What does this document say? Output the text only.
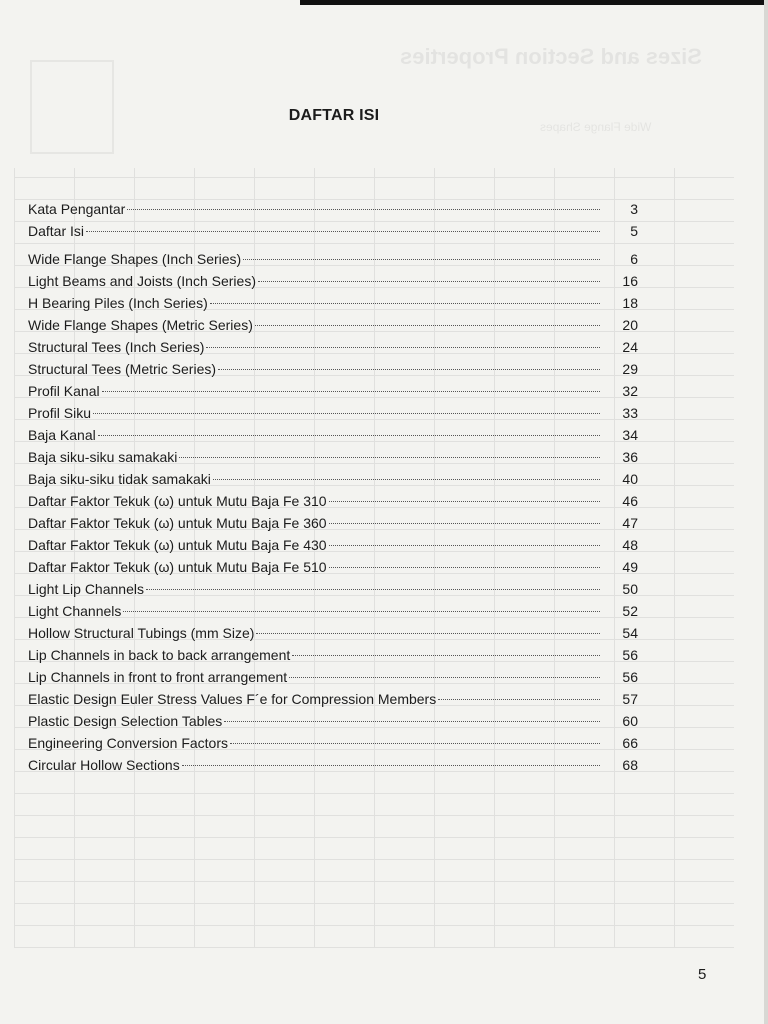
Sizes and Section Properties
Wide Flange Shapes
DAFTAR ISI
Kata Pengantar	3
Daftar Isi	5
Wide Flange Shapes (Inch Series)	6
Light Beams and Joists (Inch Series)	16
H Bearing Piles (Inch Series)	18
Wide Flange Shapes (Metric Series)	20
Structural Tees (Inch Series)	24
Structural Tees (Metric Series)	29
Profil Kanal	32
Profil Siku	33
Baja Kanal	34
Baja siku-siku samakaki	36
Baja siku-siku tidak samakaki	40
Daftar Faktor Tekuk (ω) untuk Mutu Baja Fe 310	46
Daftar Faktor Tekuk (ω) untuk Mutu Baja Fe 360	47
Daftar Faktor Tekuk (ω) untuk Mutu Baja Fe 430	48
Daftar Faktor Tekuk (ω) untuk Mutu Baja Fe 510	49
Light Lip Channels	50
Light Channels	52
Hollow Structural Tubings (mm Size)	54
Lip Channels in back to back arrangement	56
Lip Channels in front to front arrangement	56
Elastic Design Euler Stress Values F´e for Compression Members	57
Plastic Design Selection Tables	60
Engineering Conversion Factors	66
Circular Hollow Sections	68
5
